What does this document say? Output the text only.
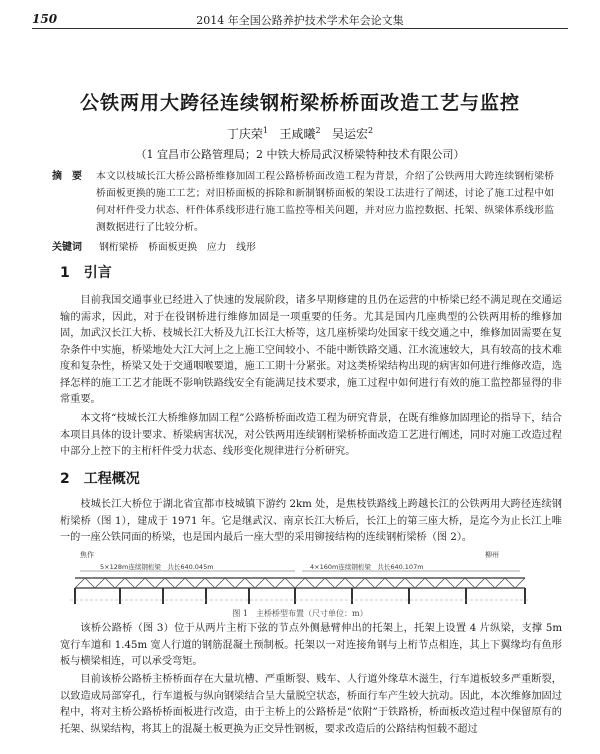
150	2014 年全国公路养护技术学术年会论文集
公铁两用大跨径连续钢桁梁桥桥面改造工艺与监控
丁庆荣$^1$ 王咸曦$^2$ 吴运宏$^2$
（1 宜昌市公路管理局；2 中铁大桥局武汉桥梁特种技术有限公司）
摘　要 本文以枝城长江大桥公路桥维修加固工程公路桥桥面改造工程为背景，介绍了公铁两用大跨连续钢桁梁桥桥面板更换的施工工艺；对旧桥面板的拆除和新制钢桥面板的架设工法进行了阐述，讨论了施工过程中如何对杆件受力状态、杆件体系线形进行施工监控等相关问题，并对应力监控数据、托架、纵梁体系线形监测数据进行了比较分析。
关键词 钢桁梁桥　桥面板更换　应力　线形
1　引言
目前我国交通事业已经进入了快速的发展阶段，诸多早期修建的且仍在运营的中桥梁已经不满足现在交通运输的需求，因此，对于在役钢桥进行维修加固是一项重要的任务。尤其是国内几座典型的公铁两用桥的维修加固，加武汉长江大桥、枝城长江大桥及九江长江大桥等，这几座桥梁均处国家干线交通之中，维修加固需要在复杂条件中实施，桥梁地处大江大河上之上施工空间较小、不能中断铁路交通、江水流速较大，具有较高的技术难度和复杂性，桥梁又处于交通咽喉要道，施工工期十分紧张。对这类桥梁结构出现的病害如何进行维修改造，选择怎样的施工工艺才能既不影响铁路线安全有能满足技术要求，施工过程中如何进行有效的施工监控都显得的非常重要。
本文将“枝城长江大桥维修加固工程”公路桥桥面改造工程为研究背景，在既有维修加固理论的指导下，结合本项目具体的设计要求、桥梁病害状况，对公铁两用连续钢桁梁桥桥面改造工艺进行阐述，同时对施工改造过程中部分上控下的主桁杆件受力状态、线形变化规律进行分析研究。
2　工程概况
枝城长江大桥位于湖北省宜都市枝城镇下游约 2km 处，是焦枝铁路线上跨越长江的公铁两用大跨径连续钢桁梁桥（图 1），建成于 1971 年。它是继武汉、南京长江大桥后，长江上的第三座大桥，是迄今为止长江上唯一的一座公铁同面的桥梁，也是国内最后一座大型的采用铆接结构的连续钢桁梁桥（图 2）。
焦作	柳州
5×128m连续钢桁梁　共长640.045m	4×160m连续钢桁梁　共长640.107m
图 1　主桥桥型布置（尺寸单位：m）
该桥公路桥（图 3）位于从两片主桁下弦的节点外侧悬臂伸出的托架上，托架上设置 4 片纵梁，支撑 5m 宽行车道和 1.45m 宽人行道的钢筋混凝土预制板。托架以一对连接角钢与上桁节点相连，其上下翼缘均有鱼形板与横梁相连，可以承受弯矩。
目前该桥公路桥主桥桥面存在大量坑槽、严重断裂、贱车、人行道外缘草木滋生，行车道板较多严重断裂，以致造成局部穿孔，行车道板与纵向钢梁结合呈大量脱空状态，桥面行车产生较大抗动。因此，本次维修加固过程中，将对主桥公路桥桥面板进行改造，由于主桥上的公路桥是“依附”于铁路桥，桥面板改造过程中保留原有的托架、纵梁结构，将其上的混凝土板更换为正交异性钢板，要求改造后的公路结构恒载不超过
